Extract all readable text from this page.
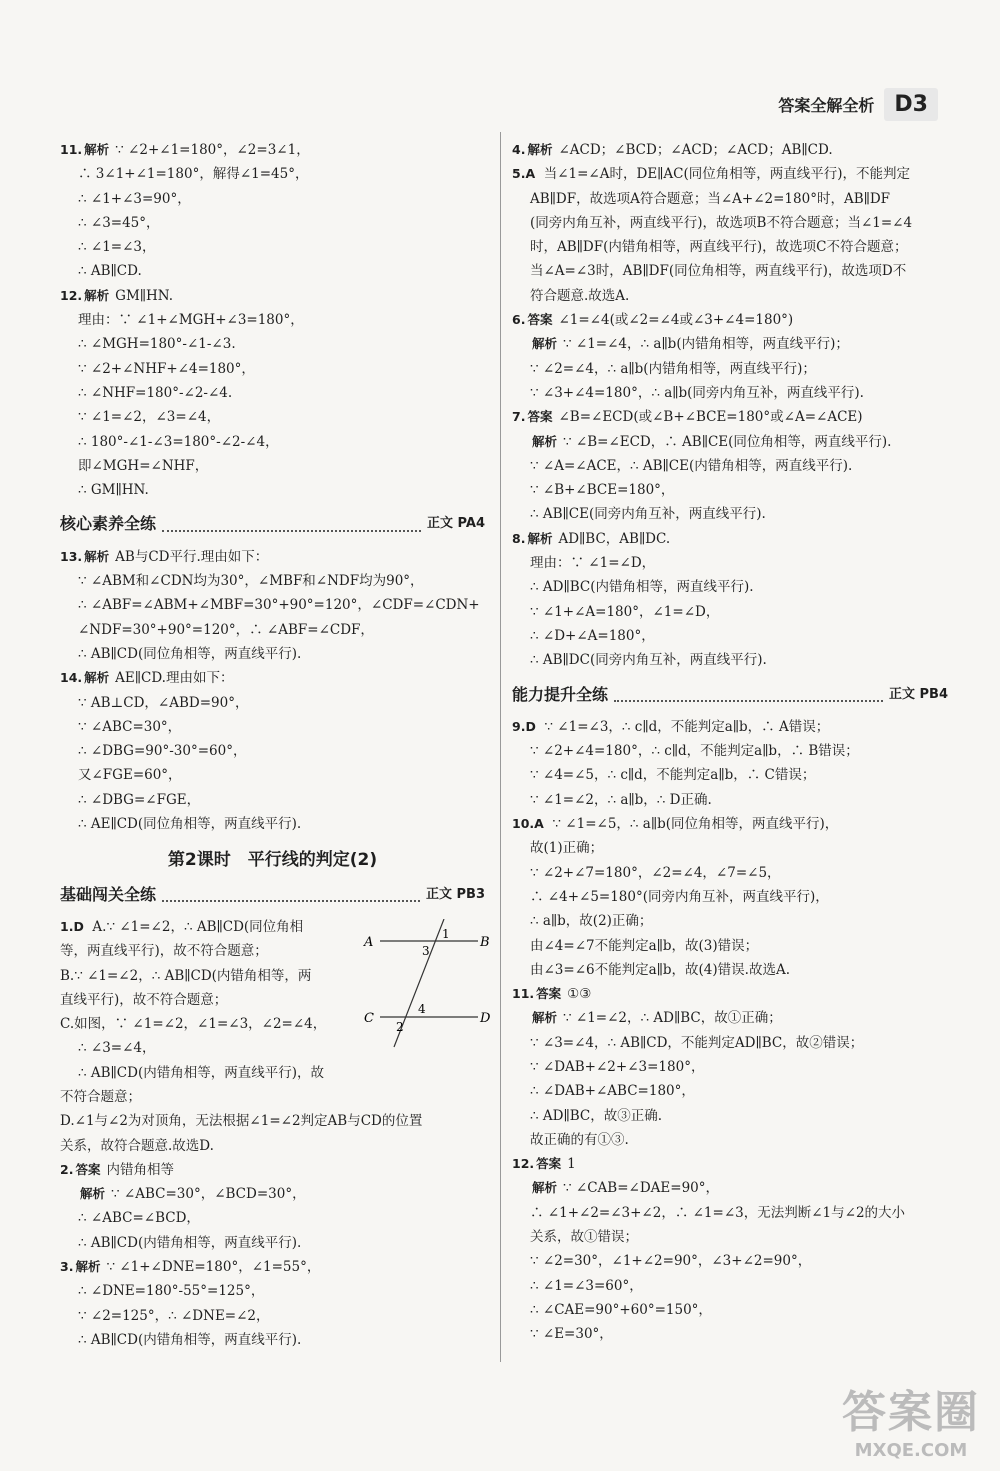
答案全解全析 D3
11. 解析 ∵ ∠2+∠1=180°，∠2=3∠1，
∴ 3∠1+∠1=180°，解得∠1=45°，
∴ ∠1+∠3=90°，
∴ ∠3=45°，
∴ ∠1=∠3，
∴ AB∥CD.
12. 解析 GM∥HN.
理由：∵ ∠1+∠MGH+∠3=180°，
∴ ∠MGH=180°-∠1-∠3.
∵ ∠2+∠NHF+∠4=180°，
∴ ∠NHF=180°-∠2-∠4.
∵ ∠1=∠2，∠3=∠4，
∴ 180°-∠1-∠3=180°-∠2-∠4，
即∠MGH=∠NHF，
∴ GM∥HN.
核心素养全练	正文 PA4
13. 解析 AB与CD平行.理由如下：
∵ ∠ABM和∠CDN均为30°，∠MBF和∠NDF均为90°，
∴ ∠ABF=∠ABM+∠MBF=30°+90°=120°，∠CDF=∠CDN+
∠NDF=30°+90°=120°，∴ ∠ABF=∠CDF，
∴ AB∥CD(同位角相等，两直线平行).
14. 解析 AE∥CD.理由如下：
∵ AB⊥CD，∠ABD=90°，
∵ ∠ABC=30°，
∴ ∠DBG=90°-30°=60°，
又∠FGE=60°，
∴ ∠DBG=∠FGE，
∴ AE∥CD(同位角相等，两直线平行).
第2课时　平行线的判定(2)
基础闯关全练	正文 PB3
1.D A.∵ ∠1=∠2，∴ AB∥CD(同位角相
等，两直线平行)，故不符合题意；
B.∵ ∠1=∠2，∴ AB∥CD(内错角相等，两
直线平行)，故不符合题意；
C.如图，∵ ∠1=∠2，∠1=∠3，∠2=∠4，
∴ ∠3=∠4，
∴ AB∥CD(内错角相等，两直线平行)，故
不符合题意；
D.∠1与∠2为对顶角，无法根据∠1=∠2判定AB与CD的位置
关系，故符合题意.故选D.
A	B
C	D
1
3
4
2
2. 答案 内错角相等
解析 ∵ ∠ABC=30°，∠BCD=30°，
∴ ∠ABC=∠BCD，
∴ AB∥CD(内错角相等，两直线平行).
3. 解析 ∵ ∠1+∠DNE=180°，∠1=55°，
∴ ∠DNE=180°-55°=125°，
∵ ∠2=125°，∴ ∠DNE=∠2，
∴ AB∥CD(内错角相等，两直线平行).
4. 解析 ∠ACD；∠BCD；∠ACD；∠ACD；AB∥CD.
5.A 当∠1=∠A时，DE∥AC(同位角相等，两直线平行)，不能判定
AB∥DF，故选项A符合题意；当∠A+∠2=180°时，AB∥DF
(同旁内角互补，两直线平行)，故选项B不符合题意；当∠1=∠4
时，AB∥DF(内错角相等，两直线平行)，故选项C不符合题意；
当∠A=∠3时，AB∥DF(同位角相等，两直线平行)，故选项D不
符合题意.故选A.
6. 答案 ∠1=∠4(或∠2=∠4或∠3+∠4=180°)
解析 ∵ ∠1=∠4，∴ a∥b(内错角相等，两直线平行)；
∵ ∠2=∠4，∴ a∥b(内错角相等，两直线平行)；
∵ ∠3+∠4=180°，∴ a∥b(同旁内角互补，两直线平行).
7. 答案 ∠B=∠ECD(或∠B+∠BCE=180°或∠A=∠ACE)
解析 ∵ ∠B=∠ECD，∴ AB∥CE(同位角相等，两直线平行).
∵ ∠A=∠ACE，∴ AB∥CE(内错角相等，两直线平行).
∵ ∠B+∠BCE=180°，
∴ AB∥CE(同旁内角互补，两直线平行).
8. 解析 AD∥BC，AB∥DC.
理由：∵ ∠1=∠D，
∴ AD∥BC(内错角相等，两直线平行).
∵ ∠1+∠A=180°，∠1=∠D，
∴ ∠D+∠A=180°，
∴ AB∥DC(同旁内角互补，两直线平行).
能力提升全练	正文 PB4
9.D ∵ ∠1=∠3，∴ c∥d，不能判定a∥b，∴ A错误；
∵ ∠2+∠4=180°，∴ c∥d，不能判定a∥b，∴ B错误；
∵ ∠4=∠5，∴ c∥d，不能判定a∥b，∴ C错误；
∵ ∠1=∠2，∴ a∥b，∴ D正确.
10.A ∵ ∠1=∠5，∴ a∥b(同位角相等，两直线平行)，
故(1)正确；
∵ ∠2+∠7=180°，∠2=∠4，∠7=∠5，
∴ ∠4+∠5=180°(同旁内角互补，两直线平行)，
∴ a∥b，故(2)正确；
由∠4=∠7不能判定a∥b，故(3)错误；
由∠3=∠6不能判定a∥b，故(4)错误.故选A.
11. 答案 ①③
解析 ∵ ∠1=∠2，∴ AD∥BC，故①正确；
∵ ∠3=∠4，∴ AB∥CD，不能判定AD∥BC，故②错误；
∵ ∠DAB+∠2+∠3=180°，
∴ ∠DAB+∠ABC=180°，
∴ AD∥BC，故③正确.
故正确的有①③.
12. 答案 1
解析 ∵ ∠CAB=∠DAE=90°，
∴ ∠1+∠2=∠3+∠2，∴ ∠1=∠3，无法判断∠1与∠2的大小
关系，故①错误；
∵ ∠2=30°，∠1+∠2=90°，∠3+∠2=90°，
∴ ∠1=∠3=60°，
∴ ∠CAE=90°+60°=150°，
∵ ∠E=30°，
答案圈
MXQE.COM
